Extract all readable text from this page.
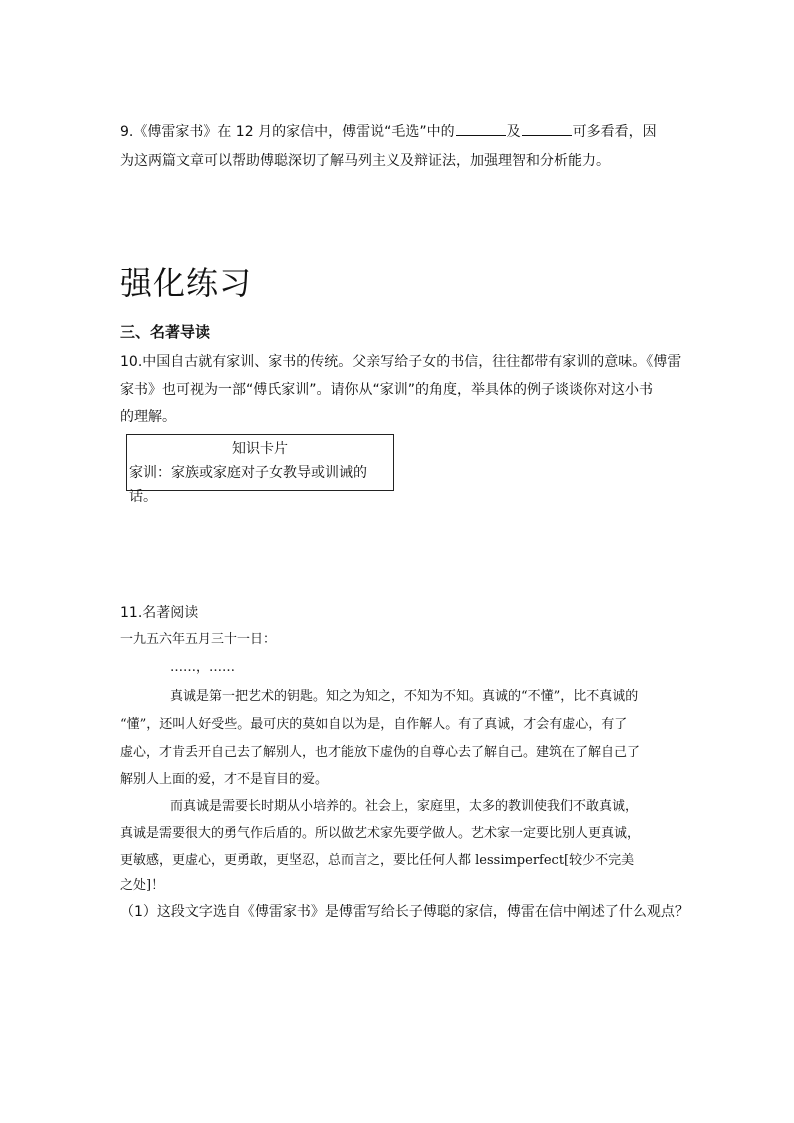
9.《傅雷家书》在 12 月的家信中，傅雷说“毛选”中的	及	可多看看，因
为这两篇文章可以帮助傅聪深切了解马列主义及辩证法，加强理智和分析能力。
强化练习
三、名著导读
10.中国自古就有家训、家书的传统。父亲写给子女的书信，往往都带有家训的意味。《傅雷
家书》也可视为一部“傅氏家训”。请你从“家训”的角度，举具体的例子谈谈你对这小书
的理解。
知识卡片
家训：家族或家庭对子女教导或训诫的话。
11.名著阅读
一九五六年五月三十一日：
……，……
真诚是第一把艺术的钥匙。知之为知之，不知为不知。真诚的“不懂”，比不真诚的
“懂”，还叫人好受些。最可庆的莫如自以为是，自作解人。有了真诚，才会有虚心，有了
虚心，才肯丢开自己去了解别人，也才能放下虚伪的自尊心去了解自己。建筑在了解自己了
解别人上面的爱，才不是盲目的爱。
而真诚是需要长时期从小培养的。社会上，家庭里，太多的教训使我们不敢真诚，
真诚是需要很大的勇气作后盾的。所以做艺术家先要学做人。艺术家一定要比别人更真诚，
更敏感，更虚心，更勇敢，更坚忍，总而言之，要比任何人都 lessimperfect[较少不完美
之处]！
（1）这段文字选自《傅雷家书》是傅雷写给长子傅聪的家信，傅雷在信中阐述了什么观点？
